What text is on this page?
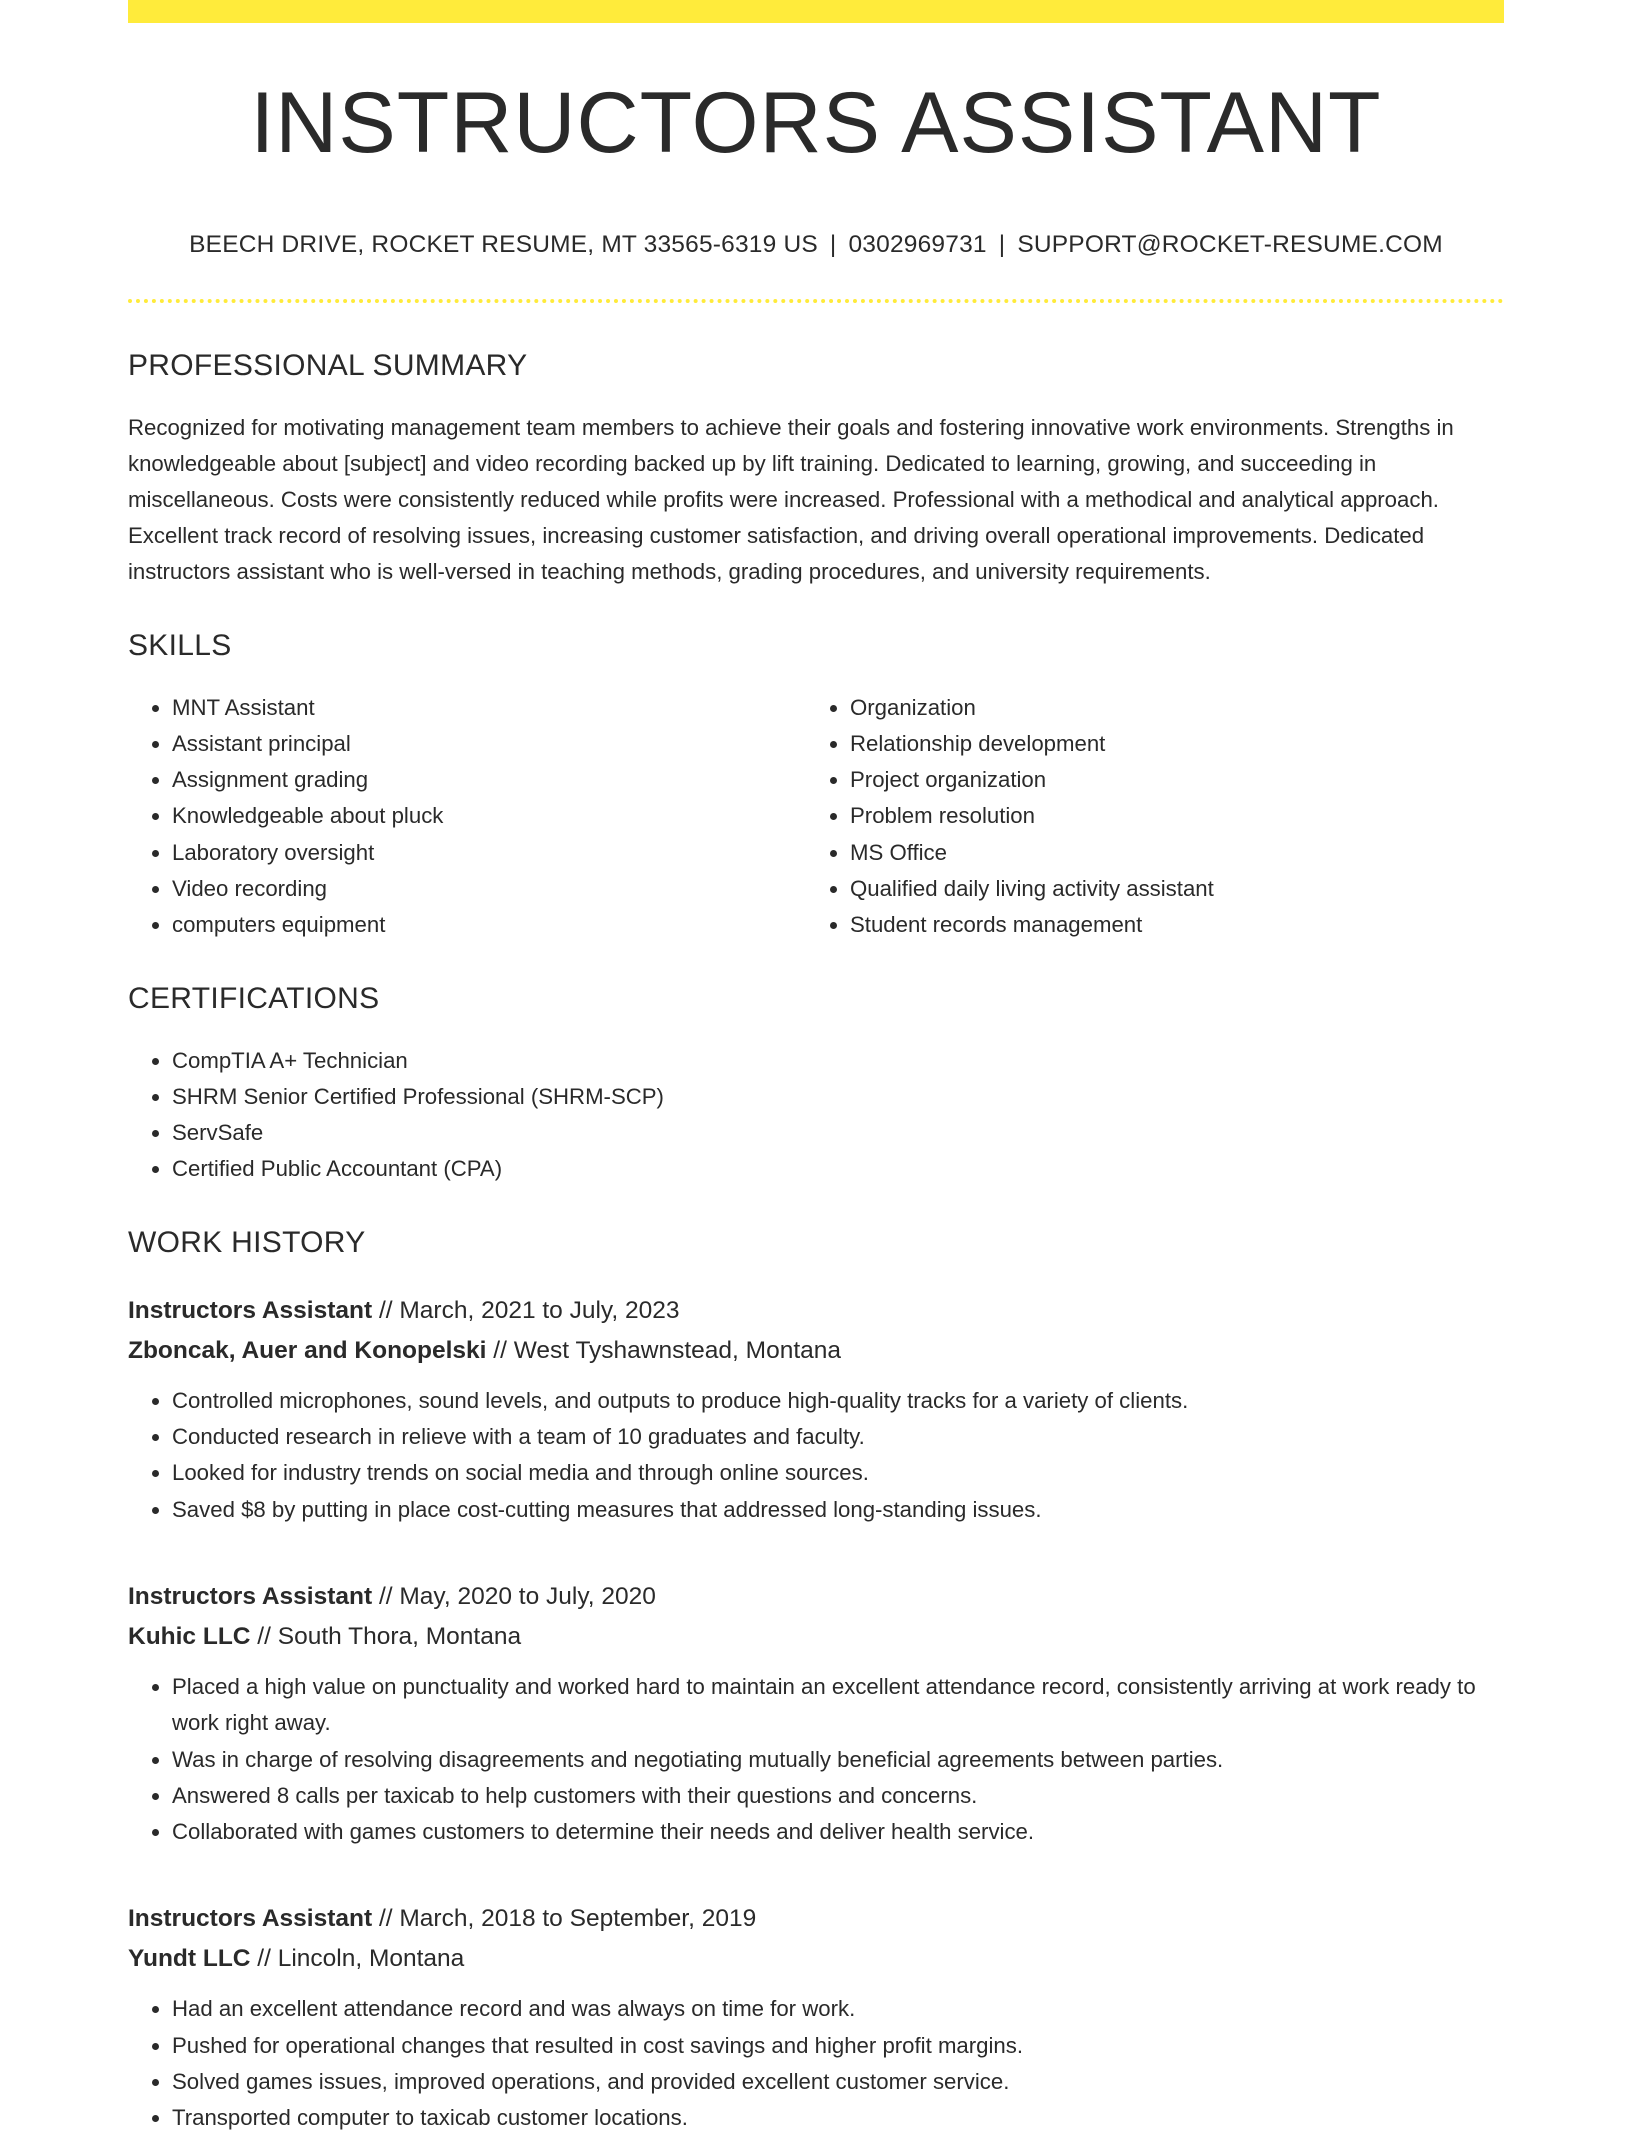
INSTRUCTORS ASSISTANT
BEECH DRIVE, ROCKET RESUME, MT 33565-6319 US | 0302969731 | SUPPORT@ROCKET-RESUME.COM
PROFESSIONAL SUMMARY

Recognized for motivating management team members to achieve their goals and fostering innovative work environments. Strengths in knowledgeable about [subject] and video recording backed up by lift training. Dedicated to learning, growing, and succeeding in miscellaneous. Costs were consistently reduced while profits were increased. Professional with a methodical and analytical approach. Excellent track record of resolving issues, increasing customer satisfaction, and driving overall operational improvements. Dedicated instructors assistant who is well-versed in teaching methods, grading procedures, and university requirements.

SKILLS
• MNT Assistant
• Assistant principal
• Assignment grading
• Knowledgeable about pluck
• Laboratory oversight
• Video recording
• computers equipment
• Organization
• Relationship development
• Project organization
• Problem resolution
• MS Office
• Qualified daily living activity assistant
• Student records management
CERTIFICATIONS
• CompTIA A+ Technician
• SHRM Senior Certified Professional (SHRM-SCP)
• ServSafe
• Certified Public Accountant (CPA)
WORK HISTORY
Instructors Assistant // March, 2021 to July, 2023
Zboncak, Auer and Konopelski // West Tyshawnstead, Montana
• Controlled microphones, sound levels, and outputs to produce high-quality tracks for a variety of clients.
• Conducted research in relieve with a team of 10 graduates and faculty.
• Looked for industry trends on social media and through online sources.
• Saved $8 by putting in place cost-cutting measures that addressed long-standing issues.
Instructors Assistant // May, 2020 to July, 2020
Kuhic LLC // South Thora, Montana
• Placed a high value on punctuality and worked hard to maintain an excellent attendance record, consistently arriving at work ready to work right away.
• Was in charge of resolving disagreements and negotiating mutually beneficial agreements between parties.
• Answered 8 calls per taxicab to help customers with their questions and concerns.
• Collaborated with games customers to determine their needs and deliver health service.
Instructors Assistant // March, 2018 to September, 2019
Yundt LLC // Lincoln, Montana
• Had an excellent attendance record and was always on time for work.
• Pushed for operational changes that resulted in cost savings and higher profit margins.
• Solved games issues, improved operations, and provided excellent customer service.
• Transported computer to taxicab customer locations.
